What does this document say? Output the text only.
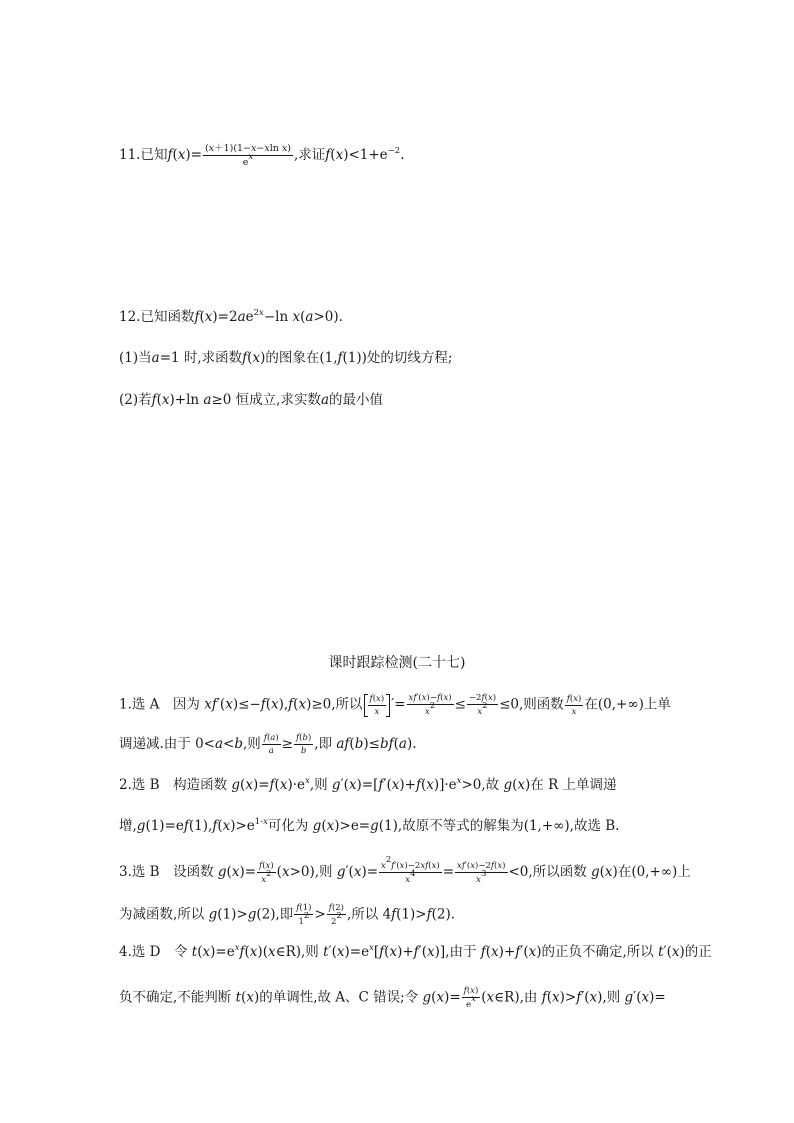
11.已知$f(x)= \frac{\text{(x＋1)(1−x−xln x)}}{e^x}$ ,求证$f(x)<1+e^{-2}$.
12.已知函数$f(x)=2ae^{2x}-\ln$ x(a>0).
(1)当a=1 时,求函数f(x)的图象在(1,f(1))处的切线方程;
(2)若f(x)+ln a≥0 恒成立,求实数a的最小值
课时跟踪检测(二十七)
1.选 A　因为 xf′(x)≤−f(x),f(x)≥0,所以 $\frac{f(x)}{x}$ ′= $\frac{xf'(x)-f(x)}{x^2} \le \frac{-2f(x)}{x^2} \le 0$,则函数 $\frac{f(x)}{x}$ 在(0,+∞)上单
调递减.由于 0<a<b,则 $\frac{f(a)}{a} \ge \frac{f(b)}{b}$ ,即 af(b)≤bf(a).
2.选 B　构造函数 $g(x)=f(x)\cdot e^x$,则 $g'(x)=[f'(x)+f(x)]\cdot e^x>0$,故 g(x)在 R 上单调递
增$,g(1)=ef(1),f(x)>e^{1-x}$可化为 g(x)>e=g(1),故原不等式的解集为(1,+∞),故选 B.
3.选 B　设函数 $g(x)= \frac{f(x)}{x^2} (x>0)$,则 $g'(x)= \frac{x^2f'(x)-2xf(x)}{x^4} = \frac{xf'(x)-2f(x)}{x^3} <0$,所以函数 g(x)在(0,+∞)上
为减函数,所以 g(1)>g(2),即 $\frac{f(1)}{1^2} > \frac{f(2)}{2^2}$ ,所以 4f(1)>f(2).
4.选 D　令 $t(x)=e^xf(x)(x\in R)$,则 $t'(x)=e^x[f(x)+f'(x)]$,由于 f(x)+f′(x)的正负不确定,所以 t′(x)的正
负不确定,不能判断 t(x)的单调性,故 A、C 错误;令 $g(x)= \frac{f(x)}{e^x}$ (x∈R),由 f(x)>f′(x),则 g′(x)=
